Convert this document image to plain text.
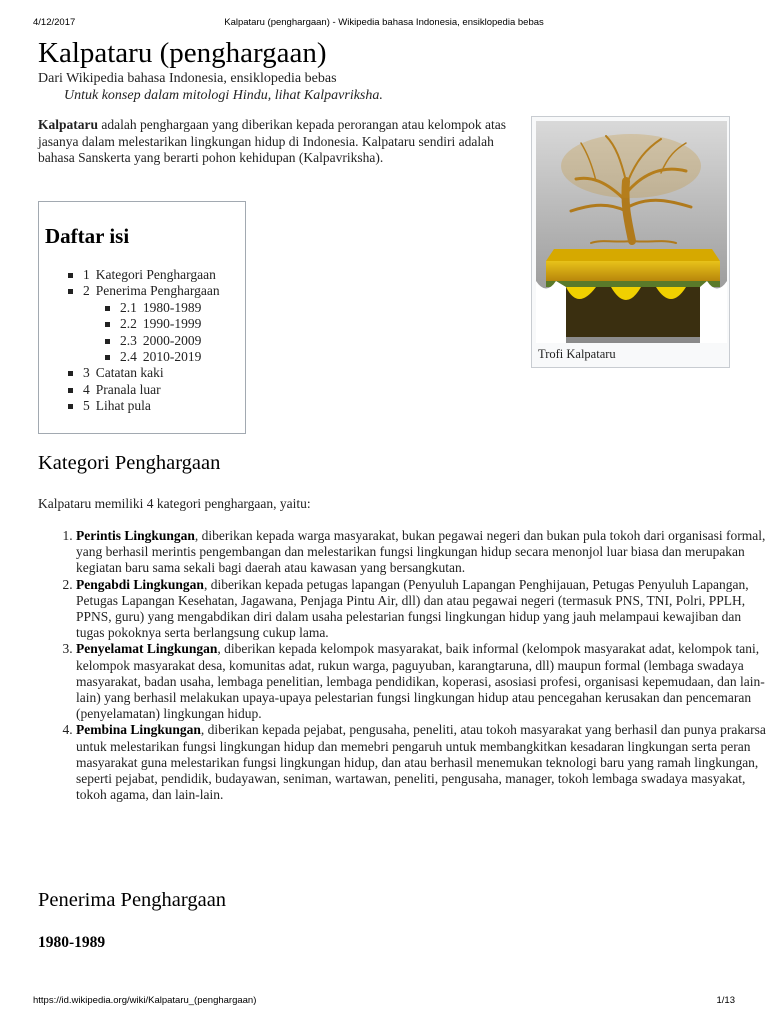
4/12/2017	Kalpataru (penghargaan) - Wikipedia bahasa Indonesia, ensiklopedia bebas
Kalpataru (penghargaan)
Dari Wikipedia bahasa Indonesia, ensiklopedia bebas
Untuk konsep dalam mitologi Hindu, lihat Kalpavriksha.
Kalpataru adalah penghargaan yang diberikan kepada perorangan atau kelompok atas jasanya dalam melestarikan lingkungan hidup di Indonesia. Kalpataru sendiri adalah bahasa Sanskerta yang berarti pohon kehidupan (Kalpavriksha).
Trofi Kalpataru
Daftar isi
1 Kategori Penghargaan
2 Penerima Penghargaan
2.1 1980-1989
2.2 1990-1999
2.3 2000-2009
2.4 2010-2019
3 Catatan kaki
4 Pranala luar
5 Lihat pula
Kategori Penghargaan
Kalpataru memiliki 4 kategori penghargaan, yaitu:
1. Perintis Lingkungan, diberikan kepada warga masyarakat, bukan pegawai negeri dan bukan pula tokoh dari organisasi formal, yang berhasil merintis pengembangan dan melestarikan fungsi lingkungan hidup secara menonjol luar biasa dan merupakan kegiatan baru sama sekali bagi daerah atau kawasan yang bersangkutan.
2. Pengabdi Lingkungan, diberikan kepada petugas lapangan (Penyuluh Lapangan Penghijauan, Petugas Penyuluh Lapangan, Petugas Lapangan Kesehatan, Jagawana, Penjaga Pintu Air, dll) dan atau pegawai negeri (termasuk PNS, TNI, Polri, PPLH, PPNS, guru) yang mengabdikan diri dalam usaha pelestarian fungsi lingkungan hidup yang jauh melampaui kewajiban dan tugas pokoknya serta berlangsung cukup lama.
3. Penyelamat Lingkungan, diberikan kepada kelompok masyarakat, baik informal (kelompok masyarakat adat, kelompok tani, kelompok masyarakat desa, komunitas adat, rukun warga, paguyuban, karangtaruna, dll) maupun formal (lembaga swadaya masyarakat, badan usaha, lembaga penelitian, lembaga pendidikan, koperasi, asosiasi profesi, organisasi kepemudaan, dan lain-lain) yang berhasil melakukan upaya-upaya pelestarian fungsi lingkungan hidup atau pencegahan kerusakan dan pencemaran (penyelamatan) lingkungan hidup.
4. Pembina Lingkungan, diberikan kepada pejabat, pengusaha, peneliti, atau tokoh masyarakat yang berhasil dan punya prakarsa untuk melestarikan fungsi lingkungan hidup dan memebri pengaruh untuk membangkitkan kesadaran lingkungan serta peran masyarakat guna melestarikan fungsi lingkungan hidup, dan atau berhasil menemukan teknologi baru yang ramah lingkungan, seperti pejabat, pendidik, budayawan, seniman, wartawan, peneliti, pengusaha, manager, tokoh lembaga swadaya masyakat, tokoh agama, dan lain-lain.
Penerima Penghargaan
1980-1989
https://id.wikipedia.org/wiki/Kalpataru_(penghargaan)	1/13
